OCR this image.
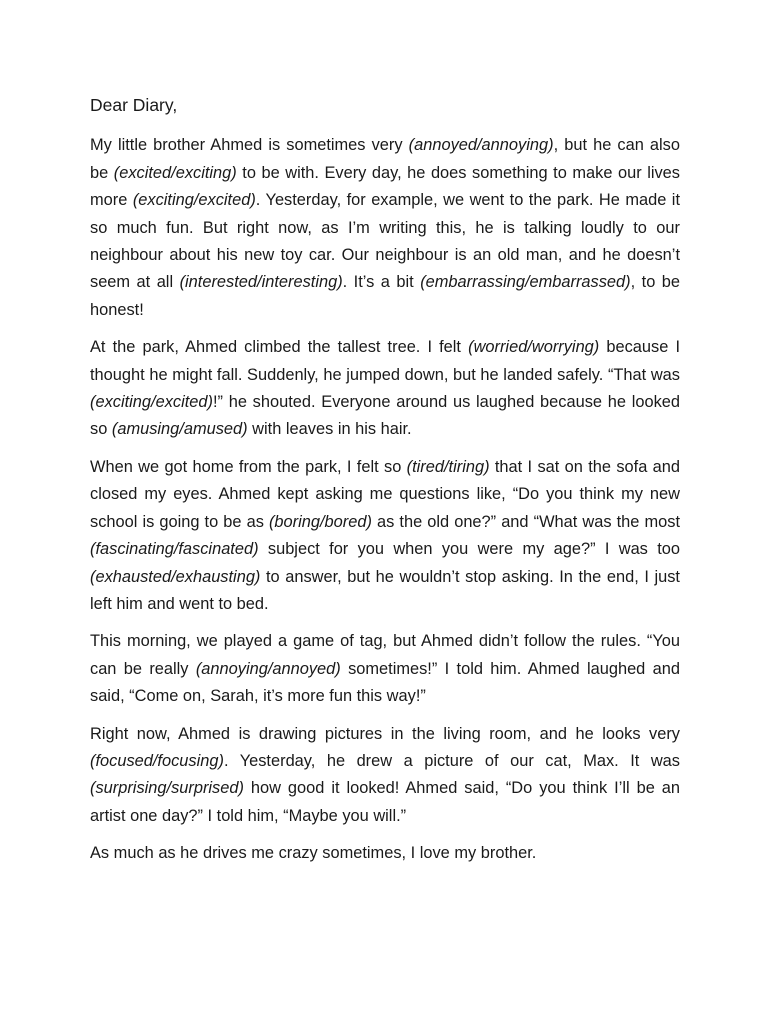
Dear Diary,

My little brother Ahmed is sometimes very (annoyed/annoying), but he can also be (excited/exciting) to be with. Every day, he does something to make our lives more (exciting/excited). Yesterday, for example, we went to the park. He made it so much fun. But right now, as I’m writing this, he is talking loudly to our neighbour about his new toy car. Our neighbour is an old man, and he doesn’t seem at all (interested/interesting). It’s a bit (embarrassing/embarrassed), to be honest!

At the park, Ahmed climbed the tallest tree. I felt (worried/worrying) because I thought he might fall. Suddenly, he jumped down, but he landed safely. “That was (exciting/excited)!” he shouted. Everyone around us laughed because he looked so (amusing/amused) with leaves in his hair.

When we got home from the park, I felt so (tired/tiring) that I sat on the sofa and closed my eyes. Ahmed kept asking me questions like, “Do you think my new school is going to be as (boring/bored) as the old one?” and “What was the most (fascinating/fascinated) subject for you when you were my age?” I was too (exhausted/exhausting) to answer, but he wouldn’t stop asking. In the end, I just left him and went to bed.

This morning, we played a game of tag, but Ahmed didn’t follow the rules. “You can be really (annoying/annoyed) sometimes!” I told him. Ahmed laughed and said, “Come on, Sarah, it’s more fun this way!”

Right now, Ahmed is drawing pictures in the living room, and he looks very (focused/focusing). Yesterday, he drew a picture of our cat, Max. It was (surprising/surprised) how good it looked! Ahmed said, “Do you think I’ll be an artist one day?” I told him, “Maybe you will.”

As much as he drives me crazy sometimes, I love my brother.
